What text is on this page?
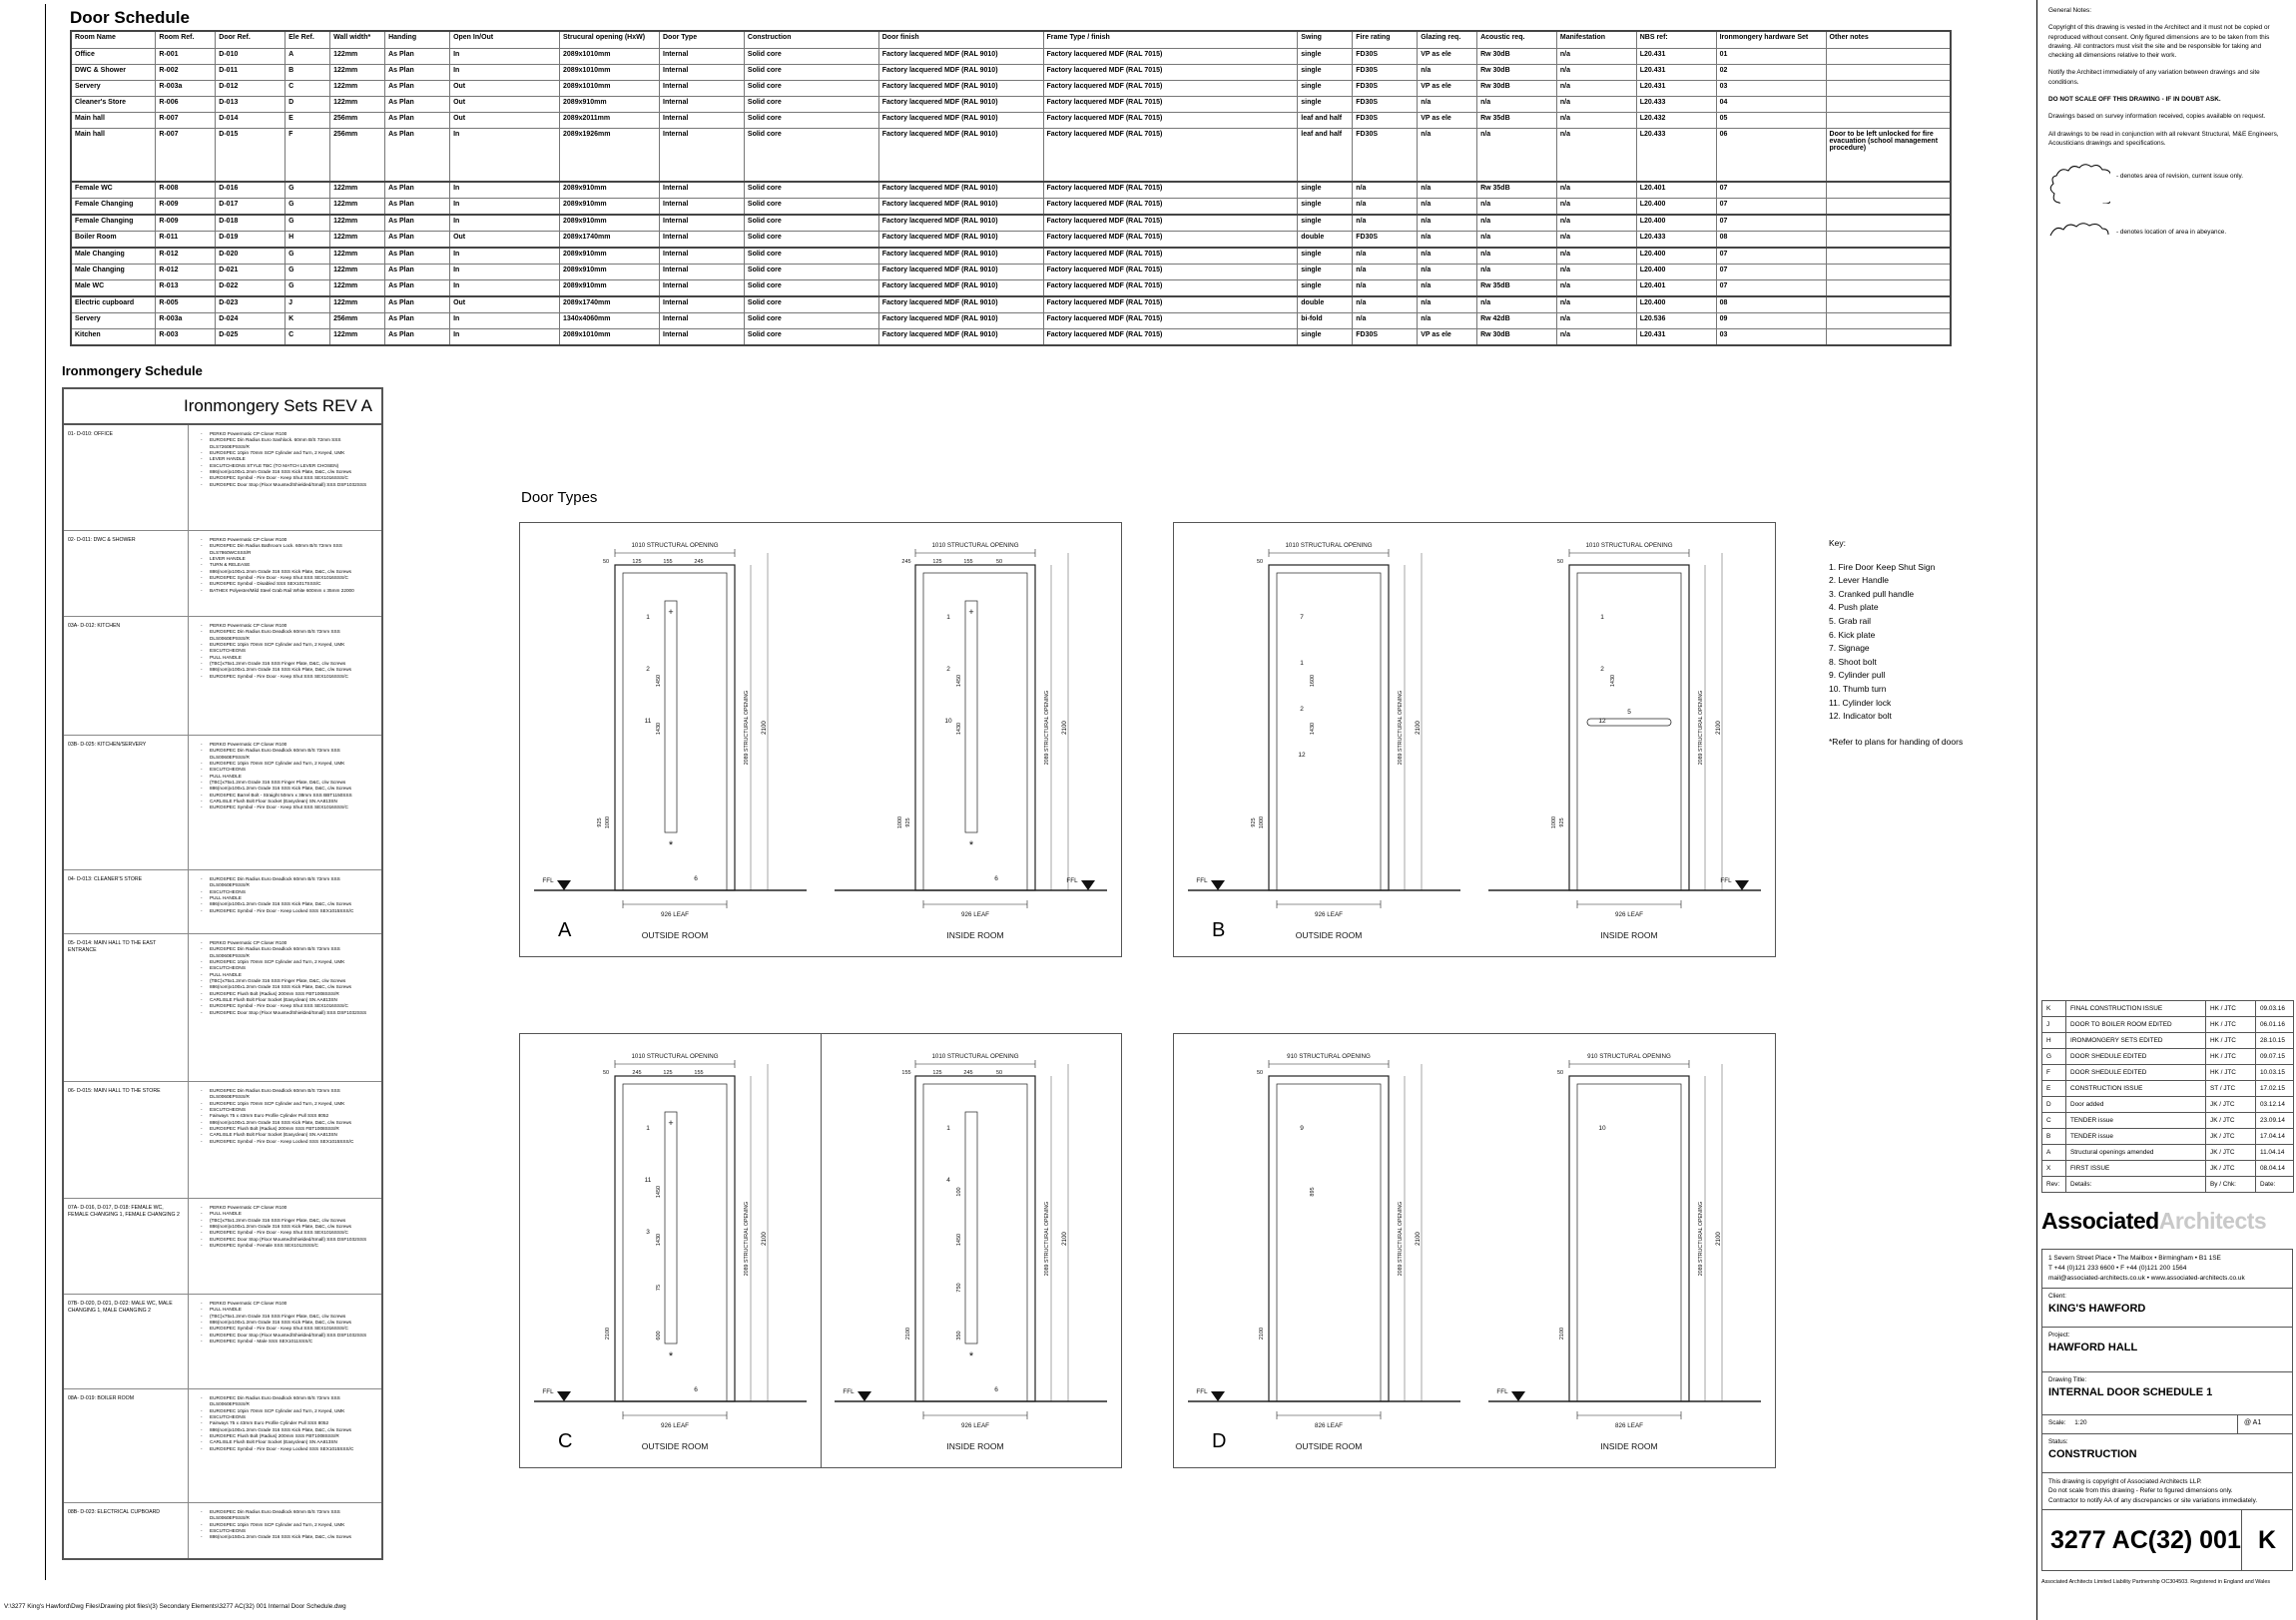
Door Schedule
Room Name	Room Ref.	Door Ref.	Ele Ref.	Wall width*	Handing	Open In/Out	Strucural opening (HxW)	Door Type	Construction	Door finish	Frame Type / finish	Swing	Fire rating	Glazing req.	Acoustic req.	Manifestation	NBS ref:	Ironmongery hardware Set	Other notes
Office	R-001	D-010	A	122mm	As Plan	In	2089x1010mm	Internal	Solid core	Factory lacquered MDF (RAL 9010)	Factory lacquered MDF (RAL 7015)	single	FD30S	VP as ele	Rw 30dB	n/a	L20.431	01	
DWC & Shower	R-002	D-011	B	122mm	As Plan	In	2089x1010mm	Internal	Solid core	Factory lacquered MDF (RAL 9010)	Factory lacquered MDF (RAL 7015)	single	FD30S	n/a	Rw 30dB	n/a	L20.431	02	
Servery	R-003a	D-012	C	122mm	As Plan	Out	2089x1010mm	Internal	Solid core	Factory lacquered MDF (RAL 9010)	Factory lacquered MDF (RAL 7015)	single	FD30S	VP as ele	Rw 30dB	n/a	L20.431	03	
Cleaner's Store	R-006	D-013	D	122mm	As Plan	Out	2089x910mm	Internal	Solid core	Factory lacquered MDF (RAL 9010)	Factory lacquered MDF (RAL 7015)	single	FD30S	n/a	n/a	n/a	L20.433	04	
Main hall	R-007	D-014	E	256mm	As Plan	Out	2089x2011mm	Internal	Solid core	Factory lacquered MDF (RAL 9010)	Factory lacquered MDF (RAL 7015)	leaf and half	FD30S	VP as ele	Rw 35dB	n/a	L20.432	05	
Main hall	R-007	D-015	F	256mm	As Plan	In	2089x1926mm	Internal	Solid core	Factory lacquered MDF (RAL 9010)	Factory lacquered MDF (RAL 7015)	leaf and half	FD30S	n/a	n/a	n/a	L20.433	06	Door to be left unlocked for fire evacuation (school management procedure)
Female WC	R-008	D-016	G	122mm	As Plan	In	2089x910mm	Internal	Solid core	Factory lacquered MDF (RAL 9010)	Factory lacquered MDF (RAL 7015)	single	n/a	n/a	Rw 35dB	n/a	L20.401	07	
Female Changing	R-009	D-017	G	122mm	As Plan	In	2089x910mm	Internal	Solid core	Factory lacquered MDF (RAL 9010)	Factory lacquered MDF (RAL 7015)	single	n/a	n/a	n/a	n/a	L20.400	07	
Female Changing	R-009	D-018	G	122mm	As Plan	In	2089x910mm	Internal	Solid core	Factory lacquered MDF (RAL 9010)	Factory lacquered MDF (RAL 7015)	single	n/a	n/a	n/a	n/a	L20.400	07	
Boiler Room	R-011	D-019	H	122mm	As Plan	Out	2089x1740mm	Internal	Solid core	Factory lacquered MDF (RAL 9010)	Factory lacquered MDF (RAL 7015)	double	FD30S	n/a	n/a	n/a	L20.433	08	
Male Changing	R-012	D-020	G	122mm	As Plan	In	2089x910mm	Internal	Solid core	Factory lacquered MDF (RAL 9010)	Factory lacquered MDF (RAL 7015)	single	n/a	n/a	n/a	n/a	L20.400	07	
Male Changing	R-012	D-021	G	122mm	As Plan	In	2089x910mm	Internal	Solid core	Factory lacquered MDF (RAL 9010)	Factory lacquered MDF (RAL 7015)	single	n/a	n/a	n/a	n/a	L20.400	07	
Male WC	R-013	D-022	G	122mm	As Plan	In	2089x910mm	Internal	Solid core	Factory lacquered MDF (RAL 9010)	Factory lacquered MDF (RAL 7015)	single	n/a	n/a	Rw 35dB	n/a	L20.401	07	
Electric cupboard	R-005	D-023	J	122mm	As Plan	Out	2089x1740mm	Internal	Solid core	Factory lacquered MDF (RAL 9010)	Factory lacquered MDF (RAL 7015)	double	n/a	n/a	n/a	n/a	L20.400	08	
Servery	R-003a	D-024	K	256mm	As Plan	In	1340x4060mm	Internal	Solid core	Factory lacquered MDF (RAL 9010)	Factory lacquered MDF (RAL 7015)	bi-fold	n/a	n/a	Rw 42dB	n/a	L20.536	09	
Kitchen	R-003	D-025	C	122mm	As Plan	In	2089x1010mm	Internal	Solid core	Factory lacquered MDF (RAL 9010)	Factory lacquered MDF (RAL 7015)	single	FD30S	VP as ele	Rw 30dB	n/a	L20.431	03	
Ironmongery Schedule
Ironmongery Sets REV A
01- D-010: OFFICE	-	PERKO Powermatic CP Closer R100
-	EUROSPEC Din Radius Euro Sashlock. 60mm B/S 72mm SSS DLS7260EPSSS/R
-	EUROSPEC 10pin 70mm SCP Cylinder and Turn, 2 Keyed, UMK
-	LEVER HANDLE
-	ESCUTCHEONS STYLE TBC (TO MATCH LEVER CHOSEN)
-	886(nom)x100x1.2mm Grade 316 SSS Kick Plate, D&C, c/w Screws
-	EUROSPEC Symbol - Fire Door - Keep Shut SSS SEX1016SSS/C
-	EUROSPEC Door Stop (Floor Mounted/Shielded/Small) SSS DSF1032SSS
02- D-011: DWC & SHOWER	-	PERKO Powermatic CP Closer R100
-	EUROSPEC Din Radius Bathroom Lock. 60mm B/S 72mm SSS DLS7860WCSSS/R
-	LEVER HANDLE
-	TURN & RELEASE
-	886(nom)x100x1.2mm Grade 316 SSS Kick Plate, D&C, c/w Screws
-	EUROSPEC Symbol - Fire Door - Keep Shut SSS SEX1016SSS/C
-	EUROSPEC Symbol - Disabled SSS SEX1017SSS/C
-	BATHEX Polyester/Mild Steel Grab Rail White 600mm x 35mm 22000
03A- D-012: KITCHEN	-	PERKO Powermatic CP Closer R100
-	EUROSPEC Din Radius Euro Deadlock 60mm B/S 72mm SSS DLS0060EPSSS/R
-	EUROSPEC 10pin 70mm SCP Cylinder and Turn, 2 Keyed, UMK
-	ESCUTCHEONS
-	PULL HANDLE
-	(TBC)x75x1.2mm Grade 316 SSS Finger Plate, D&C, c/w Screws
-	886(nom)x100x1.2mm Grade 316 SSS Kick Plate, D&C, c/w Screws
-	EUROSPEC Symbol - Fire Door - Keep Shut SSS SEX1016SSS/C
03B- D-025: KITCHEN/SERVERY	-	PERKO Powermatic CP Closer R100
-	EUROSPEC Din Radius Euro Deadlock 60mm B/S 72mm SSS DLS0060EPSSS/R
-	EUROSPEC 10pin 70mm SCP Cylinder and Turn, 2 Keyed, UMK
-	ESCUTCHEONS
-	PULL HANDLE
-	(TBC)x75x1.2mm Grade 316 SSS Finger Plate, D&C, c/w Screws
-	886(nom)x100x1.2mm Grade 316 SSS Kick Plate, D&C, c/w Screws
-	EUROSPEC Barrel Bolt - Straight 50mm x 38mm SSS BBT1150SSS
-	CARLISLE Flush Bolt Floor Socket (Easyclean) SN AA813SN
-	EUROSPEC Symbol - Fire Door - Keep Shut SSS SEX1016SSS/C
04- D-013: CLEANER'S STORE	-	EUROSPEC Din Radius Euro Deadlock 60mm B/S 72mm SSS DLS0060EPSSS/R
-	ESCUTCHEONS
-	PULL HANDLE
-	886(nom)x100x1.2mm Grade 316 SSS Kick Plate, D&C, c/w Screws
-	EUROSPEC Symbol - Fire Door - Keep Locked SSS SEX1015SSS/C
05- D-014: MAIN HALL TO THE EAST ENTRANCE
-	PERKO Powermatic CP Closer R100
-	EUROSPEC Din Radius Euro Deadlock 60mm B/S 72mm SSS DLS0060EPSSS/R
-	EUROSPEC 10pin 70mm SCP Cylinder and Turn, 2 Keyed, UMK
-	ESCUTCHEONS
-	PULL HANDLE
-	(TBC)x75x1.2mm Grade 316 SSS Finger Plate, D&C, c/w Screws
-	886(nom)x100x1.2mm Grade 316 SSS Kick Plate, D&C, c/w Screws
-	EUROSPEC Flush Bolt (Radius) 200mm SSS FBT1008SSS/R
-	CARLISLE Flush Bolt Floor Socket (Easyclean) SN AA813SN
-	EUROSPEC Symbol - Fire Door - Keep Shut SSS SEX1016SSS/C
-	EUROSPEC Door Stop (Floor Mounted/Shielded/Small) SSS DSF1032SSS
06- D-015: MAIN HALL TO THE STORE	-	EUROSPEC Din Radius Euro Deadlock 60mm B/S 72mm SSS DLS0060EPSSS/R
-	EUROSPEC 10pin 70mm SCP Cylinder and Turn, 2 Keyed, UMK
-	ESCUTCHEONS
-	Fairways 75 x 43mm Euro Profile Cylinder Pull SSS 8052
-	886(nom)x100x1.2mm Grade 316 SSS Kick Plate, D&C, c/w Screws
-	EUROSPEC Flush Bolt (Radius) 200mm SSS FBT1008SSS/R
-	CARLISLE Flush Bolt Floor Socket (Easyclean) SN AA813SN
-	EUROSPEC Symbol - Fire Door - Keep Locked SSS SEX1015SSS/C
07A- D-016, D-017, D-018: FEMALE WC, FEMALE CHANGING 1, FEMALE CHANGING 2
-	PERKO Powermatic CP Closer R100
-	PULL HANDLE
-	(TBC)x75x1.2mm Grade 316 SSS Finger Plate, D&C, c/w Screws
-	886(nom)x100x1.2mm Grade 316 SSS Kick Plate, D&C, c/w Screws
-	EUROSPEC Symbol - Fire Door - Keep Shut SSS SEX1016SSS/C
-	EUROSPEC Door Stop (Floor Mounted/Shielded/Small) SSS DSF1032SSS
-	EUROSPEC Symbol - Female SSS SEX1012SSS/C
07B- D-020, D-021, D-022: MALE WC, MALE CHANGING 1, MALE CHANGING 2
-	PERKO Powermatic CP Closer R100
-	PULL HANDLE
-	(TBC)x75x1.2mm Grade 316 SSS Finger Plate, D&C, c/w Screws
-	886(nom)x100x1.2mm Grade 316 SSS Kick Plate, D&C, c/w Screws
-	EUROSPEC Symbol - Fire Door - Keep Shut SSS SEX1016SSS/C
-	EUROSPEC Door Stop (Floor Mounted/Shielded/Small) SSS DSF1032SSS
-	EUROSPEC Symbol - Male SSS SEX1011SSS/C
08A- D-019: BOILER ROOM	-	EUROSPEC Din Radius Euro Deadlock 60mm B/S 72mm SSS DLS0060EPSSS/R
-	EUROSPEC 10pin 70mm SCP Cylinder and Turn, 2 Keyed, UMK
-	ESCUTCHEONS
-	Fairways 75 x 43mm Euro Profile Cylinder Pull SSS 8052
-	886(nom)x100x1.2mm Grade 316 SSS Kick Plate, D&C, c/w Screws
-	EUROSPEC Flush Bolt (Radius) 200mm SSS FBT1008SSS/R
-	CARLISLE Flush Bolt Floor Socket (Easyclean) SN AA813SN
-	EUROSPEC Symbol - Fire Door - Keep Locked SSS SEX1015SSS/C
08B- D-023: ELECTRICAL CUPBOARD	-	EUROSPEC Din Radius Euro Deadlock 60mm B/S 72mm SSS DLS0060EPSSS/R
-	EUROSPEC 10pin 70mm SCP Cylinder and Turn, 2 Keyed, UMK
-	ESCUTCHEONS
-	886(nom)x150x1.2mm Grade 316 SSS Kick Plate, D&C, c/w Screws
Door Types
1010 STRUCTURAL OPENING
50	125	155	245
+
*
6
1
2
11
1450
1430
1000
925
2089 STRUCTURAL OPENING 2100
FFL
926 LEAF
OUTSIDE ROOM
1010 STRUCTURAL OPENING
245	125	155	50
+
*
6
1
2
10
1450
1430
925
1000
2089 STRUCTURAL OPENING 2100
FFL
926 LEAF
INSIDE ROOM
A
1010 STRUCTURAL OPENING
50
7
1
2
12
1600
1430
1000
925
2089 STRUCTURAL OPENING 2100
FFL
926 LEAF
OUTSIDE ROOM
1010 STRUCTURAL OPENING
50
5
1
2
12
1430
925
1000
2089 STRUCTURAL OPENING 2100
FFL
926 LEAF
INSIDE ROOM
B
1010 STRUCTURAL OPENING
50	245	125	155
+
*
6
1
11
3
1450
1430
75
600
2100
2089 STRUCTURAL OPENING 2100
FFL
926 LEAF
OUTSIDE ROOM
1010 STRUCTURAL OPENING
155	125	245	50
*
6
1
4
100
1450
750
350
2100
2089 STRUCTURAL OPENING 2100
FFL
926 LEAF
INSIDE ROOM
C
910 STRUCTURAL OPENING
50
9
895
2100
2089 STRUCTURAL OPENING 2100
FFL
826 LEAF
OUTSIDE ROOM
910 STRUCTURAL OPENING
50
10
2100
2089 STRUCTURAL OPENING 2100
FFL
826 LEAF
INSIDE ROOM
D
Key:
1. Fire Door Keep Shut Sign
2. Lever Handle
3. Cranked pull handle
4. Push plate
5. Grab rail
6. Kick plate
7. Signage
8. Shoot bolt
9. Cylinder pull
10. Thumb turn
11. Cylinder lock
12. Indicator bolt
*Refer to plans for handing of doors
General Notes:
Copyright of this drawing is vested in the Architect and it must not be copied or reproduced without consent. Only figured dimensions are to be taken from this drawing. All contractors must visit the site and be responsible for taking and checking all dimensions relative to their work.
Notify the Architect immediately of any variation between drawings and site conditions.
DO NOT SCALE OFF THIS DRAWING - IF IN DOUBT ASK.
Drawings based on survey information received, copies available on request.
All drawings to be read in conjunction with all relevant Structural, M&E Engineers, Acousticians drawings and specifications.
- denotes area of revision, current issue only.
- denotes location of area in abeyance.
K	FINAL CONSTRUCTION ISSUE	HK / JTC	09.03.16
J	DOOR TO BOILER ROOM EDITED	HK / JTC	06.01.16
H	IRONMONGERY SETS EDITED	HK / JTC	28.10.15
G	DOOR SHEDULE EDITED	HK / JTC	09.07.15
F	DOOR SHEDULE EDITED	HK / JTC	10.03.15
E	CONSTRUCTION ISSUE	ST / JTC	17.02.15
D	Door added	JK / JTC	03.12.14
C	TENDER issue	JK / JTC	23.09.14
B	TENDER issue	JK / JTC	17.04.14
A	Structural openings amended	JK / JTC	11.04.14
X	FIRST ISSUE	JK / JTC	08.04.14
Rev:	Details:	By / Chk:	Date:
AssociatedArchitects
1 Severn Street Place • The Mailbox • Birmingham • B1 1SE
T +44 (0)121 233 6600 • F +44 (0)121 200 1564
mail@associated-architects.co.uk • www.associated-architects.co.uk
Client:
KING'S HAWFORD
Project:
HAWFORD HALL
Drawing Title:
INTERNAL DOOR SCHEDULE 1
Scale: 1:20	@ A1
Status:
CONSTRUCTION
This drawing is copyright of Associated Architects LLP.
Do not scale from this drawing - Refer to figured dimensions only.
Contractor to notify AA of any discrepancies or site variations immediately.
3277 AC(32) 001 K
Associated Architects Limited Liability Partnership OC304503. Registered in England and Wales
V:\3277 King's Hawford\Dwg Files\Drawing plot files\(3) Secondary Elements\3277 AC(32) 001 Internal Door Schedule.dwg
